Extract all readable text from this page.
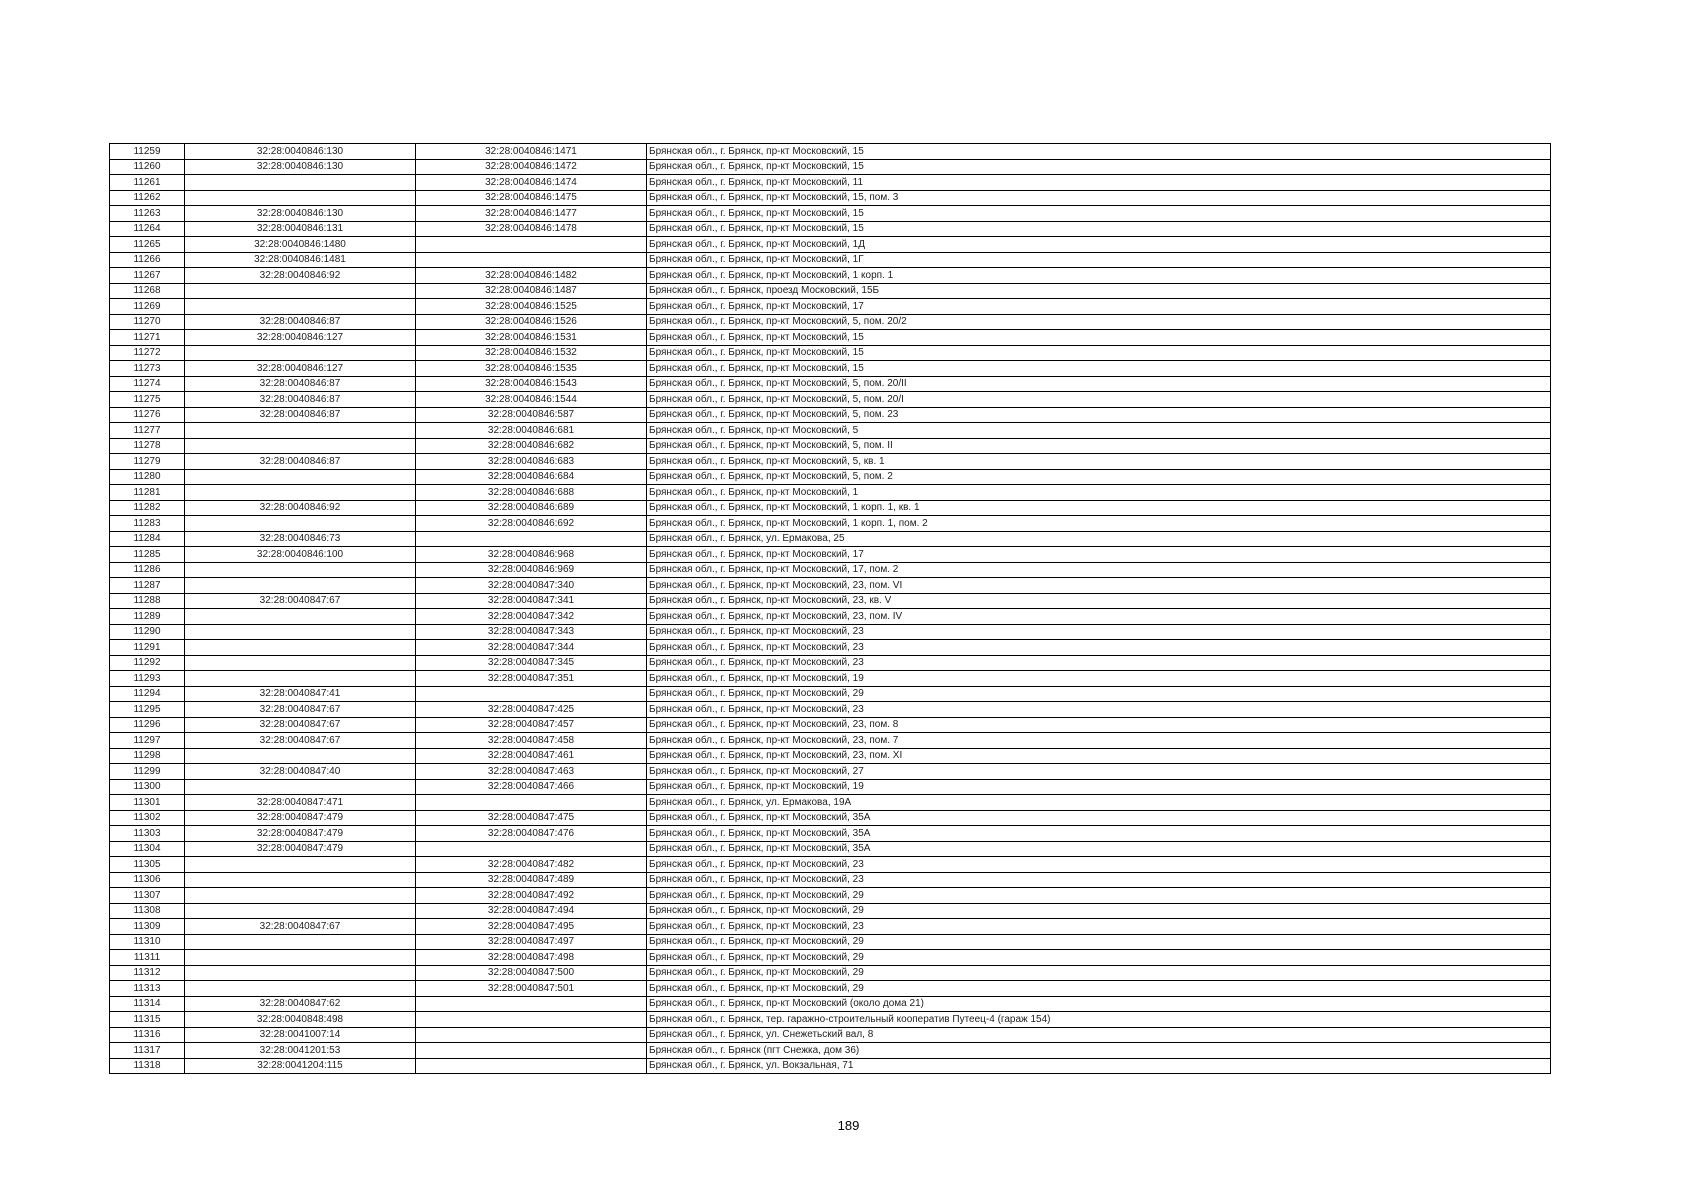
11259	32:28:0040846:130	32:28:0040846:1471	Брянская обл., г. Брянск, пр-кт Московский, 15
11260	32:28:0040846:130	32:28:0040846:1472	Брянская обл., г. Брянск, пр-кт Московский, 15
11261		32:28:0040846:1474	Брянская обл., г. Брянск, пр-кт Московский, 11
11262		32:28:0040846:1475	Брянская обл., г. Брянск, пр-кт Московский, 15, пом. 3
11263	32:28:0040846:130	32:28:0040846:1477	Брянская обл., г. Брянск, пр-кт Московский, 15
11264	32:28:0040846:131	32:28:0040846:1478	Брянская обл., г. Брянск, пр-кт Московский, 15
11265	32:28:0040846:1480		Брянская обл., г. Брянск, пр-кт Московский, 1Д
11266	32:28:0040846:1481		Брянская обл., г. Брянск, пр-кт Московский, 1Г
11267	32:28:0040846:92	32:28:0040846:1482	Брянская обл., г. Брянск, пр-кт Московский, 1 корп. 1
11268		32:28:0040846:1487	Брянская обл., г. Брянск, проезд Московский, 15Б
11269		32:28:0040846:1525	Брянская обл., г. Брянск, пр-кт Московский, 17
11270	32:28:0040846:87	32:28:0040846:1526	Брянская обл., г. Брянск, пр-кт Московский, 5, пом. 20/2
11271	32:28:0040846:127	32:28:0040846:1531	Брянская обл., г. Брянск, пр-кт Московский, 15
11272		32:28:0040846:1532	Брянская обл., г. Брянск, пр-кт Московский, 15
11273	32:28:0040846:127	32:28:0040846:1535	Брянская обл., г. Брянск, пр-кт Московский, 15
11274	32:28:0040846:87	32:28:0040846:1543	Брянская обл., г. Брянск, пр-кт Московский, 5, пом. 20/II
11275	32:28:0040846:87	32:28:0040846:1544	Брянская обл., г. Брянск, пр-кт Московский, 5, пом. 20/I
11276	32:28:0040846:87	32:28:0040846:587	Брянская обл., г. Брянск, пр-кт Московский, 5, пом. 23
11277		32:28:0040846:681	Брянская обл., г. Брянск, пр-кт Московский, 5
11278		32:28:0040846:682	Брянская обл., г. Брянск, пр-кт Московский, 5, пом. II
11279	32:28:0040846:87	32:28:0040846:683	Брянская обл., г. Брянск, пр-кт Московский, 5, кв. 1
11280		32:28:0040846:684	Брянская обл., г. Брянск, пр-кт Московский, 5, пом. 2
11281		32:28:0040846:688	Брянская обл., г. Брянск, пр-кт Московский, 1
11282	32:28:0040846:92	32:28:0040846:689	Брянская обл., г. Брянск, пр-кт Московский, 1 корп. 1, кв. 1
11283		32:28:0040846:692	Брянская обл., г. Брянск, пр-кт Московский, 1 корп. 1, пом. 2
11284	32:28:0040846:73		Брянская обл., г. Брянск, ул. Ермакова, 25
11285	32:28:0040846:100	32:28:0040846:968	Брянская обл., г. Брянск, пр-кт Московский, 17
11286		32:28:0040846:969	Брянская обл., г. Брянск, пр-кт Московский, 17, пом. 2
11287		32:28:0040847:340	Брянская обл., г. Брянск, пр-кт Московский, 23, пом. VI
11288	32:28:0040847:67	32:28:0040847:341	Брянская обл., г. Брянск, пр-кт Московский, 23, кв. V
11289		32:28:0040847:342	Брянская обл., г. Брянск, пр-кт Московский, 23, пом. IV
11290		32:28:0040847:343	Брянская обл., г. Брянск, пр-кт Московский, 23
11291		32:28:0040847:344	Брянская обл., г. Брянск, пр-кт Московский, 23
11292		32:28:0040847:345	Брянская обл., г. Брянск, пр-кт Московский, 23
11293		32:28:0040847:351	Брянская обл., г. Брянск, пр-кт Московский, 19
11294	32:28:0040847:41		Брянская обл., г. Брянск, пр-кт Московский, 29
11295	32:28:0040847:67	32:28:0040847:425	Брянская обл., г. Брянск, пр-кт Московский, 23
11296	32:28:0040847:67	32:28:0040847:457	Брянская обл., г. Брянск, пр-кт Московский, 23, пом. 8
11297	32:28:0040847:67	32:28:0040847:458	Брянская обл., г. Брянск, пр-кт Московский, 23, пом. 7
11298		32:28:0040847:461	Брянская обл., г. Брянск, пр-кт Московский, 23, пом. XI
11299	32:28:0040847:40	32:28:0040847:463	Брянская обл., г. Брянск, пр-кт Московский, 27
11300		32:28:0040847:466	Брянская обл., г. Брянск, пр-кт Московский, 19
11301	32:28:0040847:471		Брянская обл., г. Брянск, ул. Ермакова, 19А
11302	32:28:0040847:479	32:28:0040847:475	Брянская обл., г. Брянск, пр-кт Московский, 35А
11303	32:28:0040847:479	32:28:0040847:476	Брянская обл., г. Брянск, пр-кт Московский, 35А
11304	32:28:0040847:479		Брянская обл., г. Брянск, пр-кт Московский, 35А
11305		32:28:0040847:482	Брянская обл., г. Брянск, пр-кт Московский, 23
11306		32:28:0040847:489	Брянская обл., г. Брянск, пр-кт Московский, 23
11307		32:28:0040847:492	Брянская обл., г. Брянск, пр-кт Московский, 29
11308		32:28:0040847:494	Брянская обл., г. Брянск, пр-кт Московский, 29
11309	32:28:0040847:67	32:28:0040847:495	Брянская обл., г. Брянск, пр-кт Московский, 23
11310		32:28:0040847:497	Брянская обл., г. Брянск, пр-кт Московский, 29
11311		32:28:0040847:498	Брянская обл., г. Брянск, пр-кт Московский, 29
11312		32:28:0040847:500	Брянская обл., г. Брянск, пр-кт Московский, 29
11313		32:28:0040847:501	Брянская обл., г. Брянск, пр-кт Московский, 29
11314	32:28:0040847:62		Брянская обл., г. Брянск, пр-кт Московский (около дома 21)
11315	32:28:0040848:498		Брянская обл., г. Брянск, тер. гаражно-строительный кооператив Путеец-4 (гараж 154)
11316	32:28:0041007:14		Брянская обл., г. Брянск, ул. Снежетьский вал, 8
11317	32:28:0041201:53		Брянская обл., г. Брянск (пгт Снежка, дом 36)
11318	32:28:0041204:115		Брянская обл., г. Брянск, ул. Вокзальная, 71
189
